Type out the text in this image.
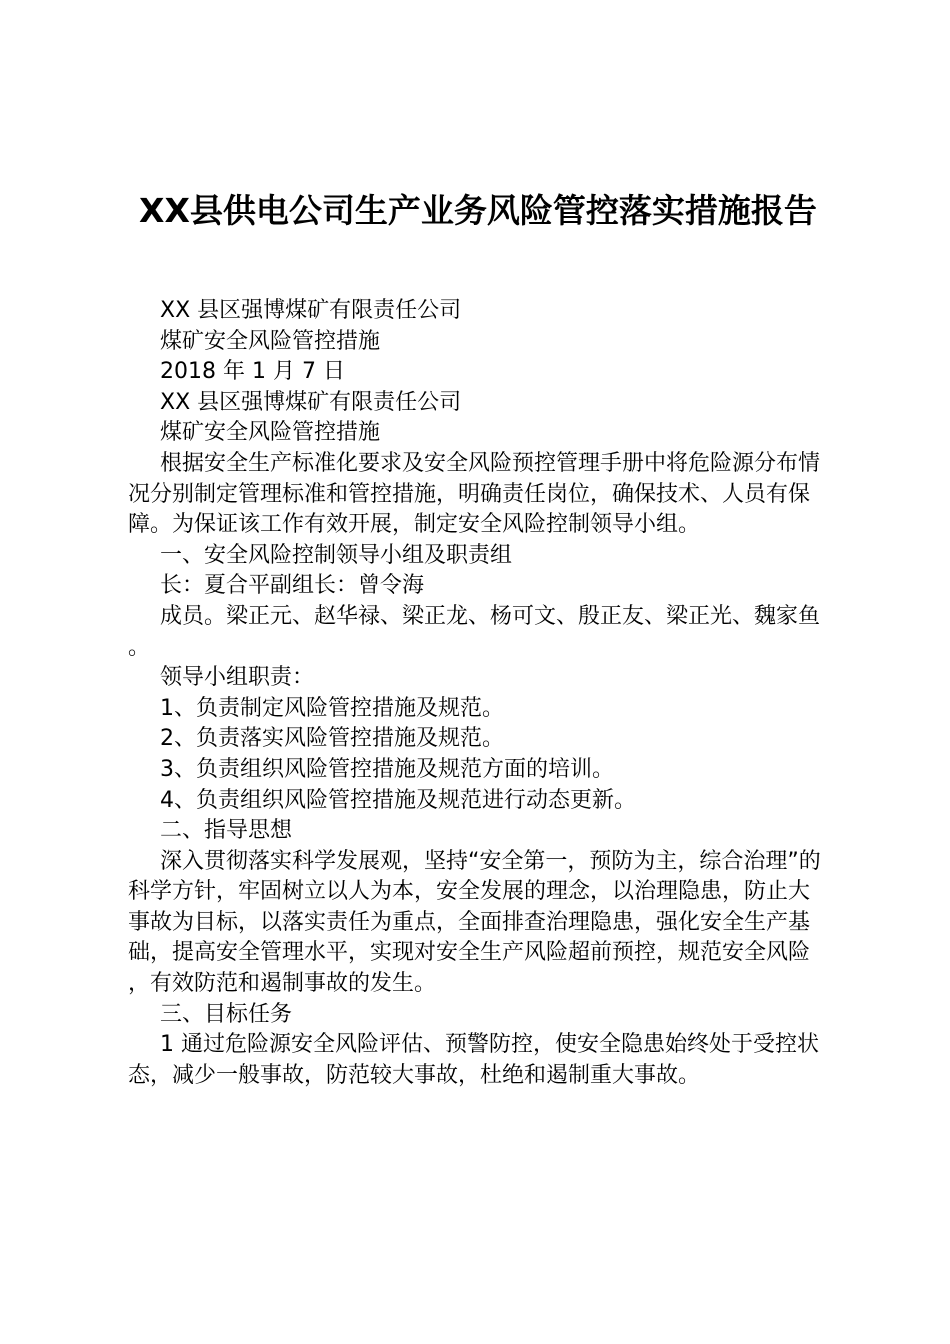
XX县供电公司生产业务风险管控落实措施报告

XX 县区强博煤矿有限责任公司

煤矿安全风险管控措施

2018 年 1 月 7 日

XX 县区强博煤矿有限责任公司

煤矿安全风险管控措施

根据安全生产标准化要求及安全风险预控管理手册中将危险源分布情况分别制定管理标准和管控措施，明确责任岗位，确保技术、人员有保障。为保证该工作有效开展，制定安全风险控制领导小组。

一、安全风险控制领导小组及职责组

长：夏合平副组长：曾令海

成员。梁正元、赵华禄、梁正龙、杨可文、殷正友、梁正光、魏家鱼。

领导小组职责：

1、负责制定风险管控措施及规范。

2、负责落实风险管控措施及规范。

3、负责组织风险管控措施及规范方面的培训。

4、负责组织风险管控措施及规范进行动态更新。

二、指导思想

深入贯彻落实科学发展观，坚持“安全第一，预防为主，综合治理”的科学方针，牢固树立以人为本，安全发展的理念，以治理隐患，防止大事故为目标，以落实责任为重点，全面排查治理隐患，强化安全生产基础，提高安全管理水平，实现对安全生产风险超前预控，规范安全风险，有效防范和遏制事故的发生。

三、目标任务

1 通过危险源安全风险评估、预警防控，使安全隐患始终处于受控状态，减少一般事故，防范较大事故，杜绝和遏制重大事故。
